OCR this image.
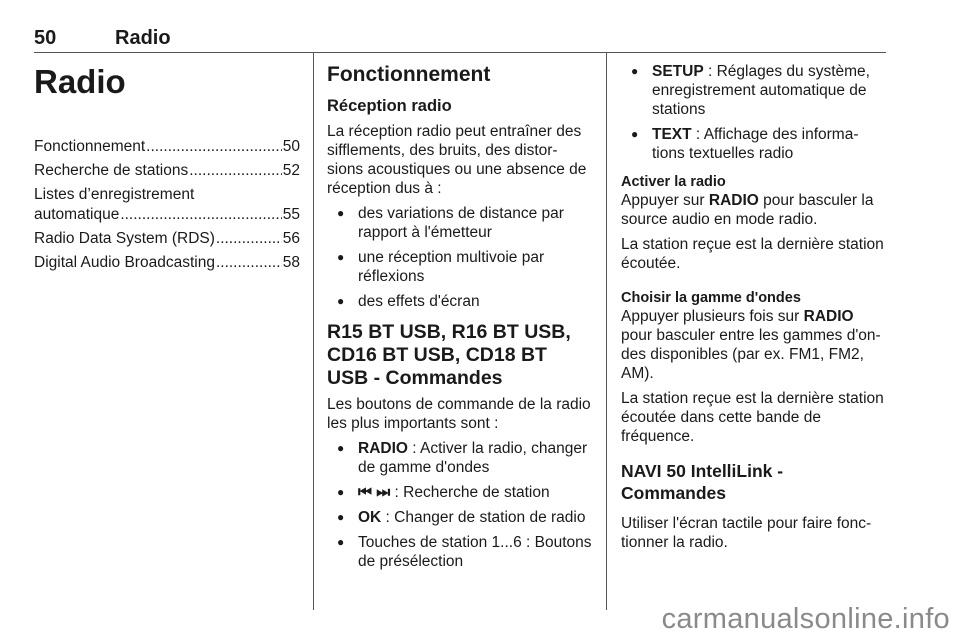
50	Radio
Radio
Fonctionnement .....	50
Recherche de stations .....	52
Listes d’enregistrement
automatique .....	55
Radio Data System (RDS) .....	56
Digital Audio Broadcasting .....	58
Fonctionnement
Réception radio

La réception radio peut entraîner des sifflements, des bruits, des distor-sions acoustiques ou une absence de réception dus à :

● des variations de distance par rapport à l'émetteur
● une réception multivoie par réflexions
● des effets d'écran
R15 BT USB, R16 BT USB, CD16 BT USB, CD18 BT USB - Commandes

Les boutons de commande de la radio les plus importants sont :

● RADIO : Activer la radio, changer de gamme d'ondes
● ⏮ ⏭ : Recherche de station
● OK : Changer de station de radio
● Touches de station 1...6 : Boutons de présélection
● SETUP : Réglages du système, enregistrement automatique de stations
● TEXT : Affichage des informa-tions textuelles radio
Activer la radio

Appuyer sur RADIO pour basculer la source audio en mode radio.

La station reçue est la dernière station écoutée.

Choisir la gamme d'ondes

Appuyer plusieurs fois sur RADIO pour basculer entre les gammes d'on-des disponibles (par ex. FM1, FM2, AM).

La station reçue est la dernière station écoutée dans cette bande de fréquence.

NAVI 50 IntelliLink - Commandes

Utiliser l'écran tactile pour faire fonc-tionner la radio.

carmanualsonline.info
